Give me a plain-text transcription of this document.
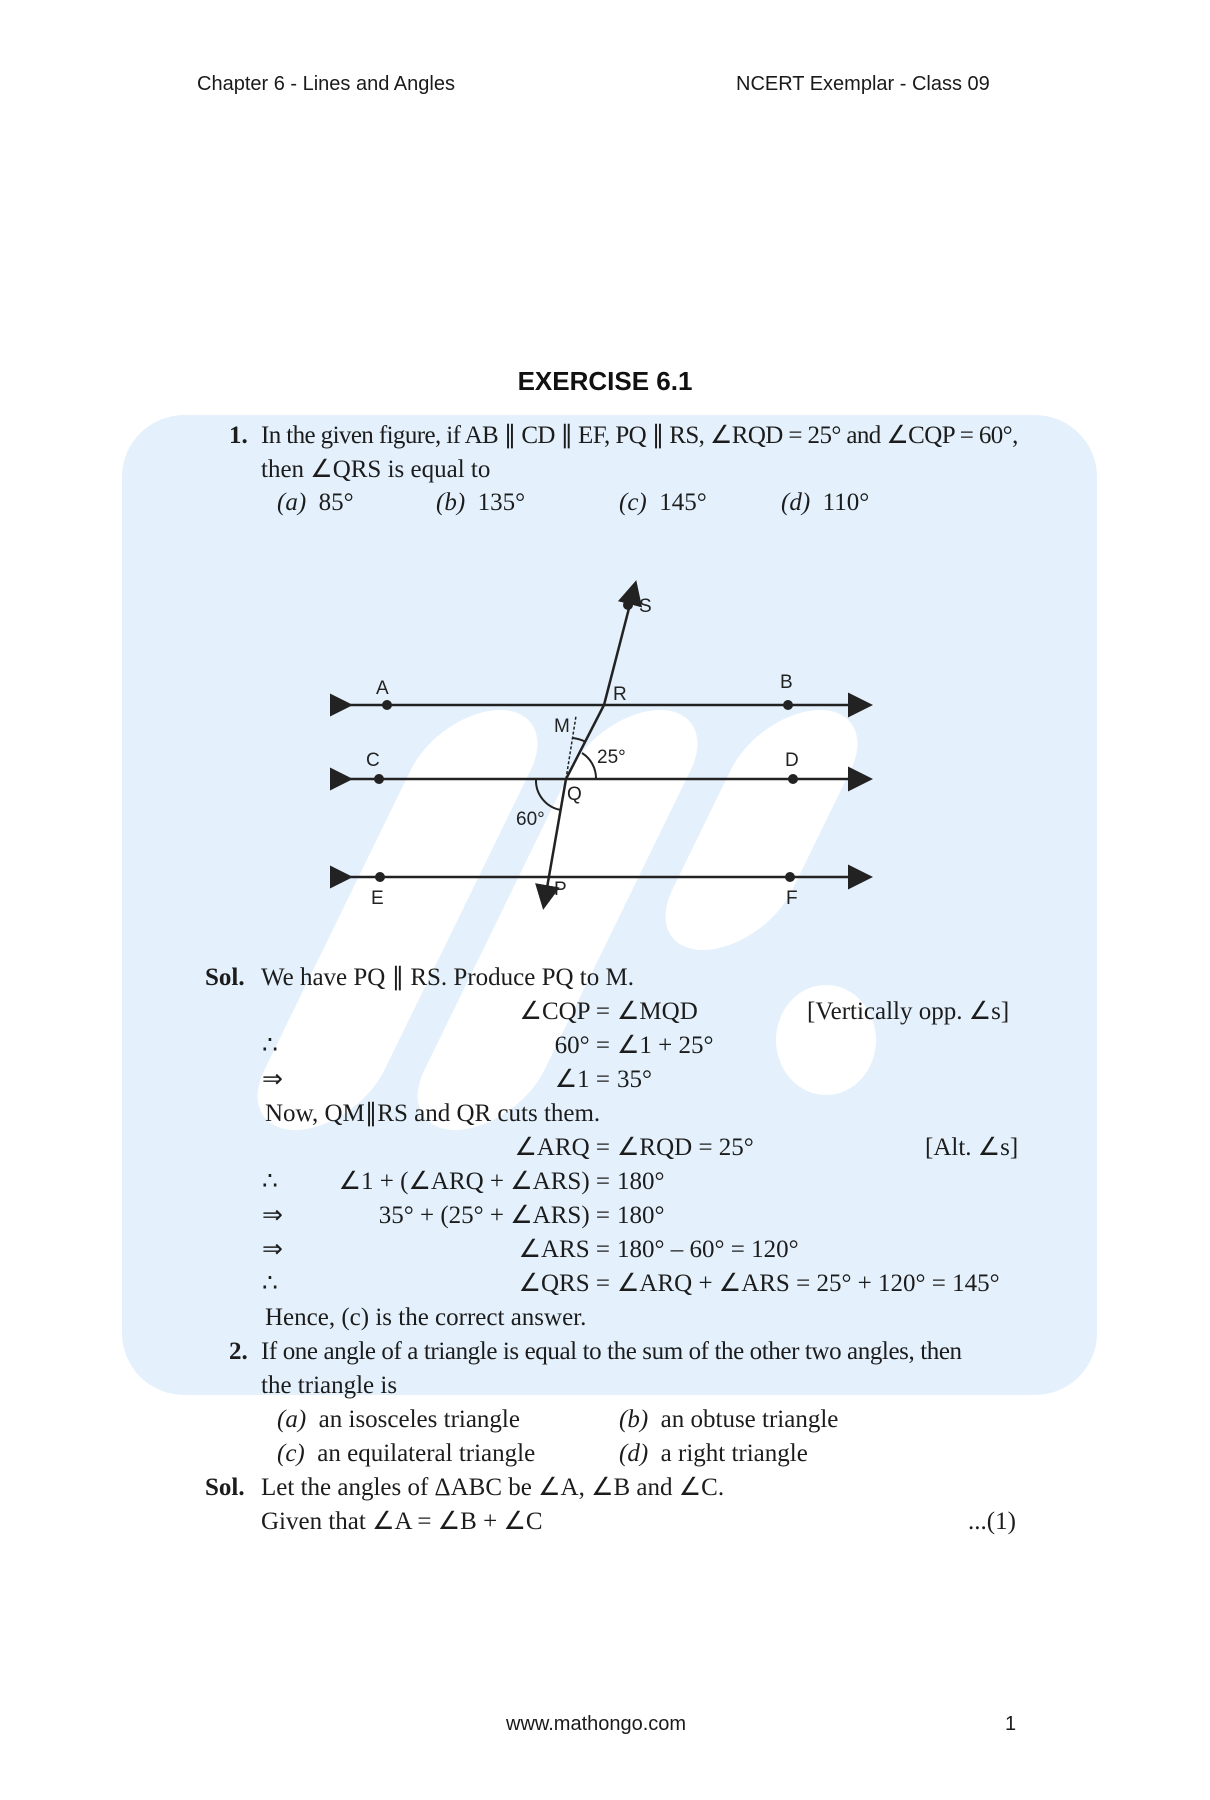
Chapter 6 - Lines and Angles	NCERT Exemplar - Class 09
EXERCISE 6.1
1. In the given figure, if AB ∥ CD ∥ EF, PQ ∥ RS, ∠RQD = 25° and ∠CQP = 60°,
then ∠QRS is equal to
(a) 85°	(b) 135°	(c) 145°	(d) 110°
A	B
C	D
E	F
P
Q
R
S
M
25°
60°
Sol. We have PQ ∥ RS. Produce PQ to M.
∠CQP = ∠MQD	[Vertically opp. ∠s]
∴	60° = ∠1 + 25°
⇒	∠1 = 35°
Now, QM∥RS and QR cuts them.
∠ARQ = ∠RQD = 25°	[Alt. ∠s]
∴	∠1 + (∠ARQ + ∠ARS) = 180°
⇒	35° + (25° + ∠ARS) = 180°
⇒	∠ARS = 180° – 60° = 120°
∴	∠QRS = ∠ARQ + ∠ARS = 25° + 120° = 145°
Hence, (c) is the correct answer.
2. If one angle of a triangle is equal to the sum of the other two angles, then
the triangle is
(a) an isosceles triangle	(b) an obtuse triangle
(c) an equilateral triangle	(d) a right triangle
Sol. Let the angles of ΔABC be ∠A, ∠B and ∠C.
Given that ∠A = ∠B + ∠C	...(1)
www.mathongo.com	1
